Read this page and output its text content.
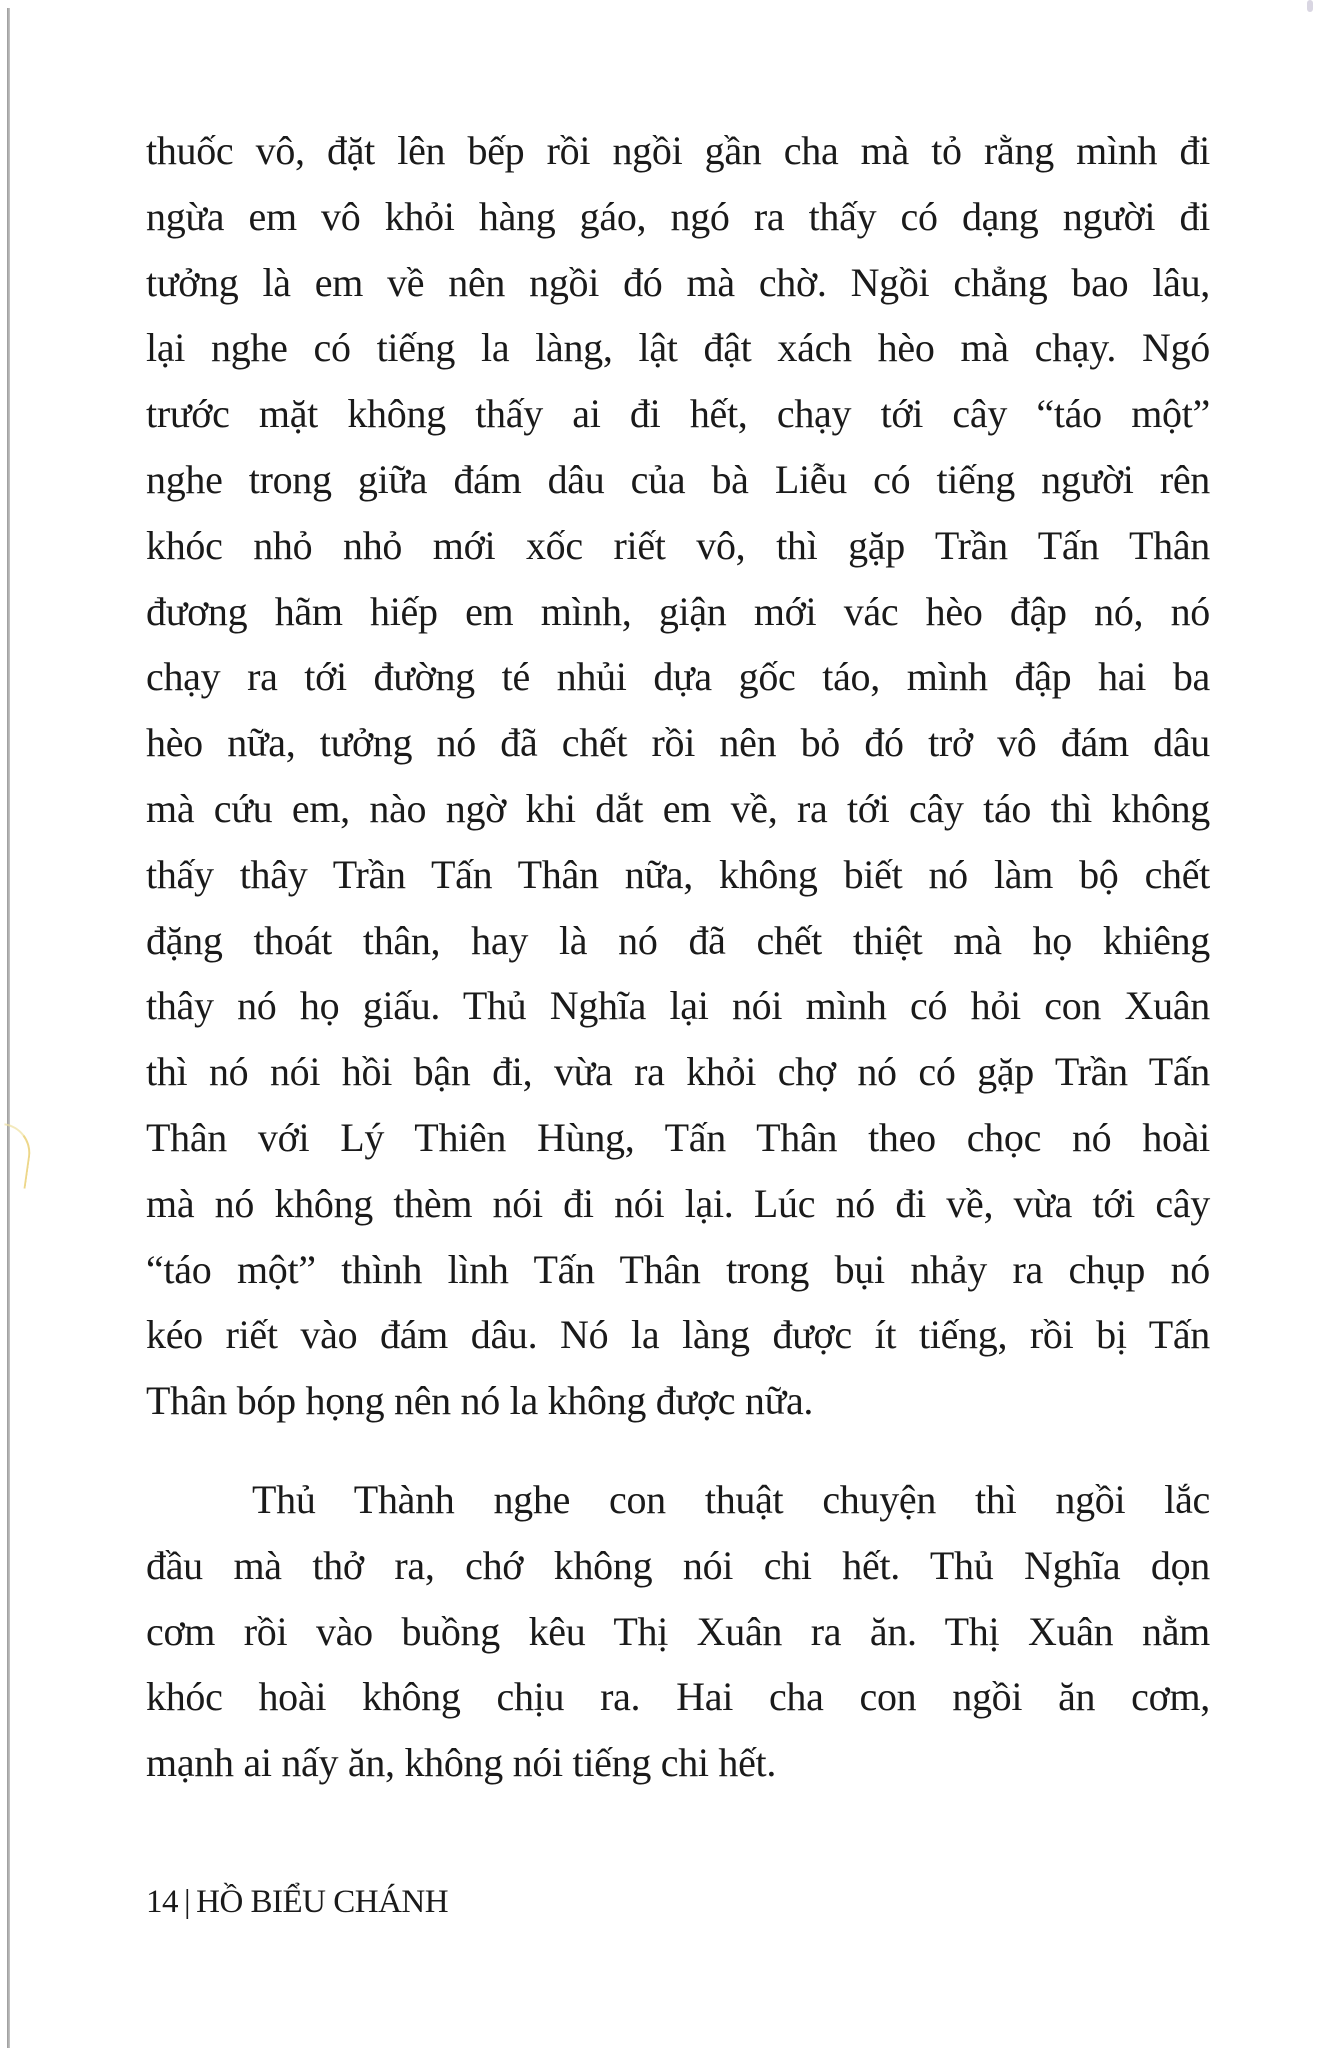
thuốc vô, đặt lên bếp rồi ngồi gần cha mà tỏ rằng mình đi
ngừa em vô khỏi hàng gáo, ngó ra thấy có dạng người đi
tưởng là em về nên ngồi đó mà chờ. Ngồi chẳng bao lâu,
lại nghe có tiếng la làng, lật đật xách hèo mà chạy. Ngó
trước mặt không thấy ai đi hết, chạy tới cây “táo một”
nghe trong giữa đám dâu của bà Liễu có tiếng người rên
khóc nhỏ nhỏ mới xốc riết vô, thì gặp Trần Tấn Thân
đương hãm hiếp em mình, giận mới vác hèo đập nó, nó
chạy ra tới đường té nhủi dựa gốc táo, mình đập hai ba
hèo nữa, tưởng nó đã chết rồi nên bỏ đó trở vô đám dâu
mà cứu em, nào ngờ khi dắt em về, ra tới cây táo thì không
thấy thây Trần Tấn Thân nữa, không biết nó làm bộ chết
đặng thoát thân, hay là nó đã chết thiệt mà họ khiêng
thây nó họ giấu. Thủ Nghĩa lại nói mình có hỏi con Xuân
thì nó nói hồi bận đi, vừa ra khỏi chợ nó có gặp Trần Tấn
Thân với Lý Thiên Hùng, Tấn Thân theo chọc nó hoài
mà nó không thèm nói đi nói lại. Lúc nó đi về, vừa tới cây
“táo một” thình lình Tấn Thân trong bụi nhảy ra chụp nó
kéo riết vào đám dâu. Nó la làng được ít tiếng, rồi bị Tấn
Thân bóp họng nên nó la không được nữa.

Thủ Thành nghe con thuật chuyện thì ngồi lắc
đầu mà thở ra, chớ không nói chi hết. Thủ Nghĩa dọn
cơm rồi vào buồng kêu Thị Xuân ra ăn. Thị Xuân nằm
khóc hoài không chịu ra. Hai cha con ngồi ăn cơm,
mạnh ai nấy ăn, không nói tiếng chi hết.

14 | HỒ BIỂU CHÁNH
